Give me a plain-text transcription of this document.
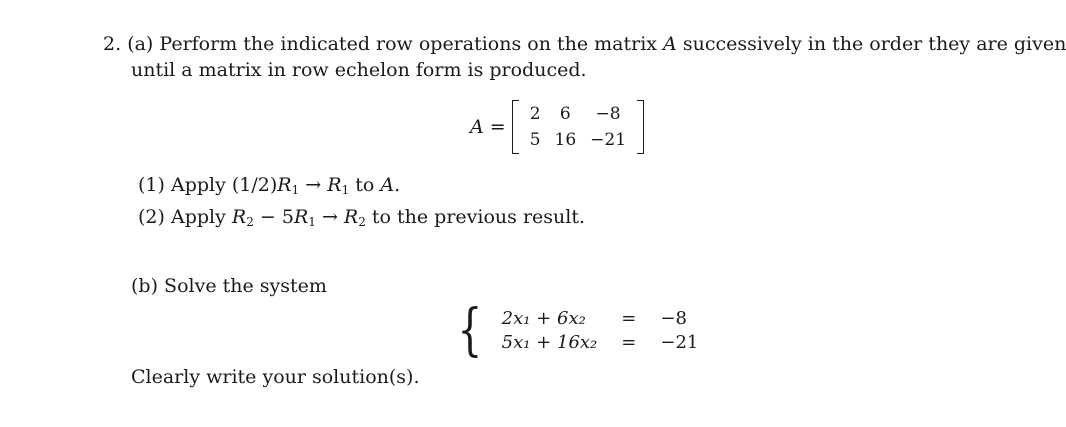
2. (a) Perform the indicated row operations on the matrix A successively in the order they are given
until a matrix in row echelon form is produced.
A =
2	6	−8
5	16	−21
(1) Apply $(1/2)R_1 \to R_1$ to A.
(2) Apply $R_2 - 5R_1 \to R_2$ to the previous result.
(b) Solve the system
{ 2x₁ + 6x₂	=	−8
5x₁ + 16x₂	=	−21
Clearly write your solution(s).
